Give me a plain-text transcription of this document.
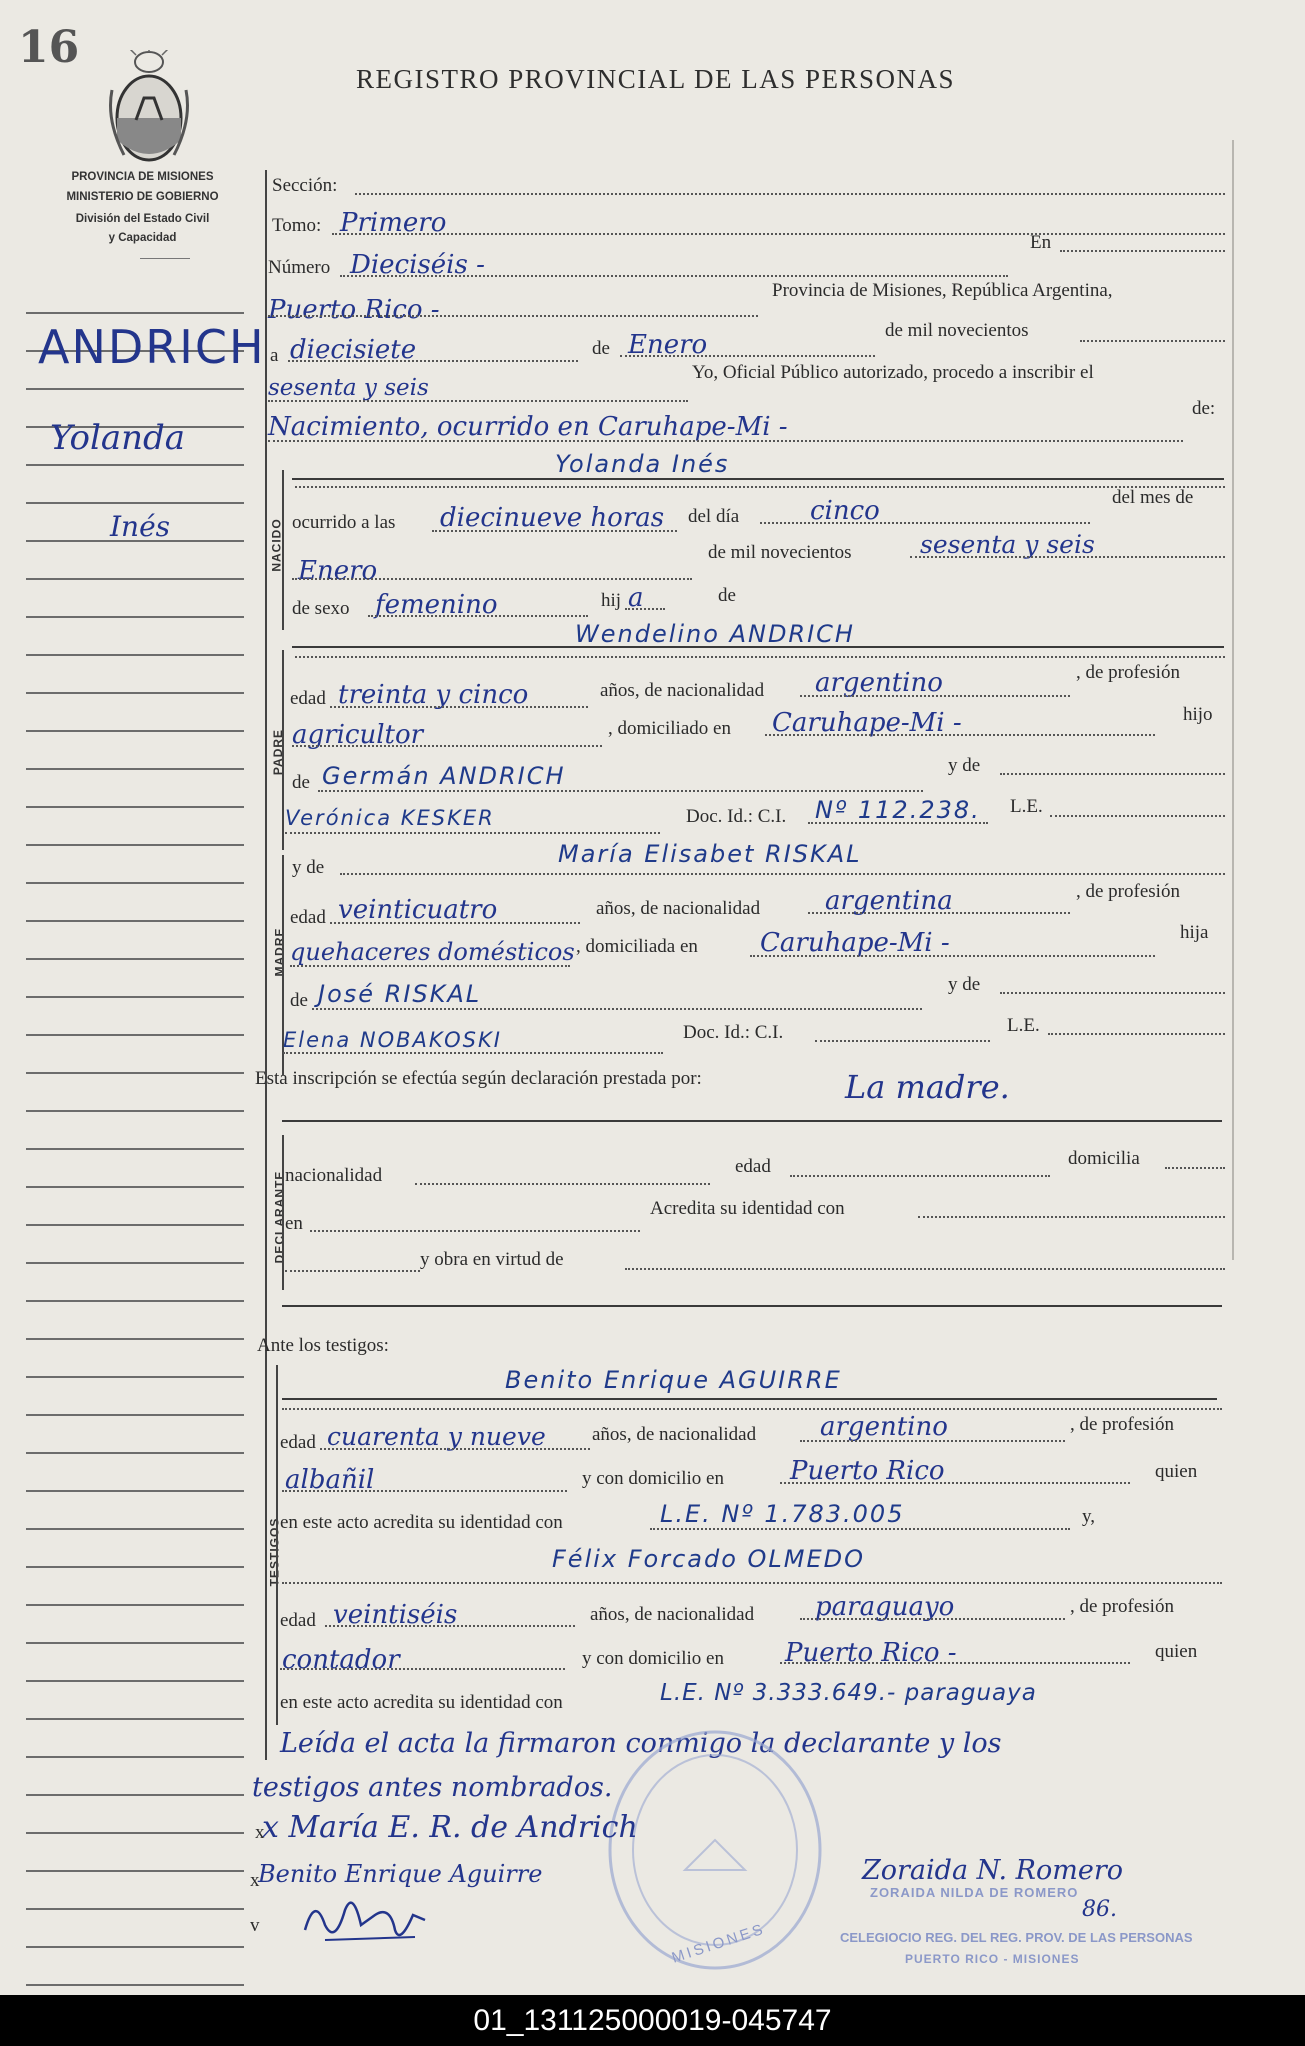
16
REGISTRO PROVINCIAL DE LAS PERSONAS
PROVINCIA DE MISIONES
MINISTERIO DE GOBIERNO
División del Estado Civil
y Capacidad
ANDRICH
Yolanda
Inés
Sección:
Tomo: Primero
Número Dieciséis -
En
Puerto Rico -
Provincia de Misiones, República Argentina,
a diecisiete	de Enero	de mil novecientos
sesenta y seis
Yo, Oficial Público autorizado, procedo a inscribir el
Nacimiento, ocurrido en Caruhape-Mi -
de:
NACIDO
Yolanda Inés
ocurrido a las diecinueve horas del día	cinco	del mes de
Enero
de mil novecientos	sesenta y seis
de sexo femenino	hij a	de
PADRE
Wendelino ANDRICH
edad treinta y cinco	años, de nacionalidad argentino	, de profesión
agricultor	, domiciliado en Caruhape-Mi -	hijo
de Germán ANDRICH	y de
Verónica KESKER	Doc. Id.: C.I. Nº 112.238. L.E.
MADRE
y de	María Elisabet RISKAL
edad veinticuatro	años, de nacionalidad argentina	, de profesión
quehaceres domésticos , domiciliada en Caruhape-Mi -	hija
de José RISKAL	y de
Elena NOBAKOSKI	Doc. Id.: C.I.	L.E.
Esta inscripción se efectúa según declaración prestada por:	La madre.
DECLARANTE
nacionalidad	edad	domicilia
en
Acredita su identidad con
y obra en virtud de
Ante los testigos:
TESTIGOS
Benito Enrique AGUIRRE
edad cuarenta y nueve años, de nacionalidad argentino	, de profesión
albañil	y con domicilio en	Puerto Rico	quien
en este acto acredita su identidad con	L.E. Nº 1.783.005	y,
Félix Forcado OLMEDO
edad veintiséis	años, de nacionalidad paraguayo	, de profesión
contador	y con domicilio en Puerto Rico -	quien
en este acto acredita su identidad con	L.E. Nº 3.333.649.- paraguaya
Leída el acta la firmaron conmigo la declarante y los
testigos antes nombrados.
MISIONES
x María E. R. de Andrich
Benito Enrique Aguirre
x
x
v
Zoraida N. Romero
ZORAIDA NILDA DE ROMERO
86.
CELEGIOCIO REG. DEL REG. PROV. DE LAS PERSONAS
PUERTO RICO - MISIONES
01_131125000019-045747
